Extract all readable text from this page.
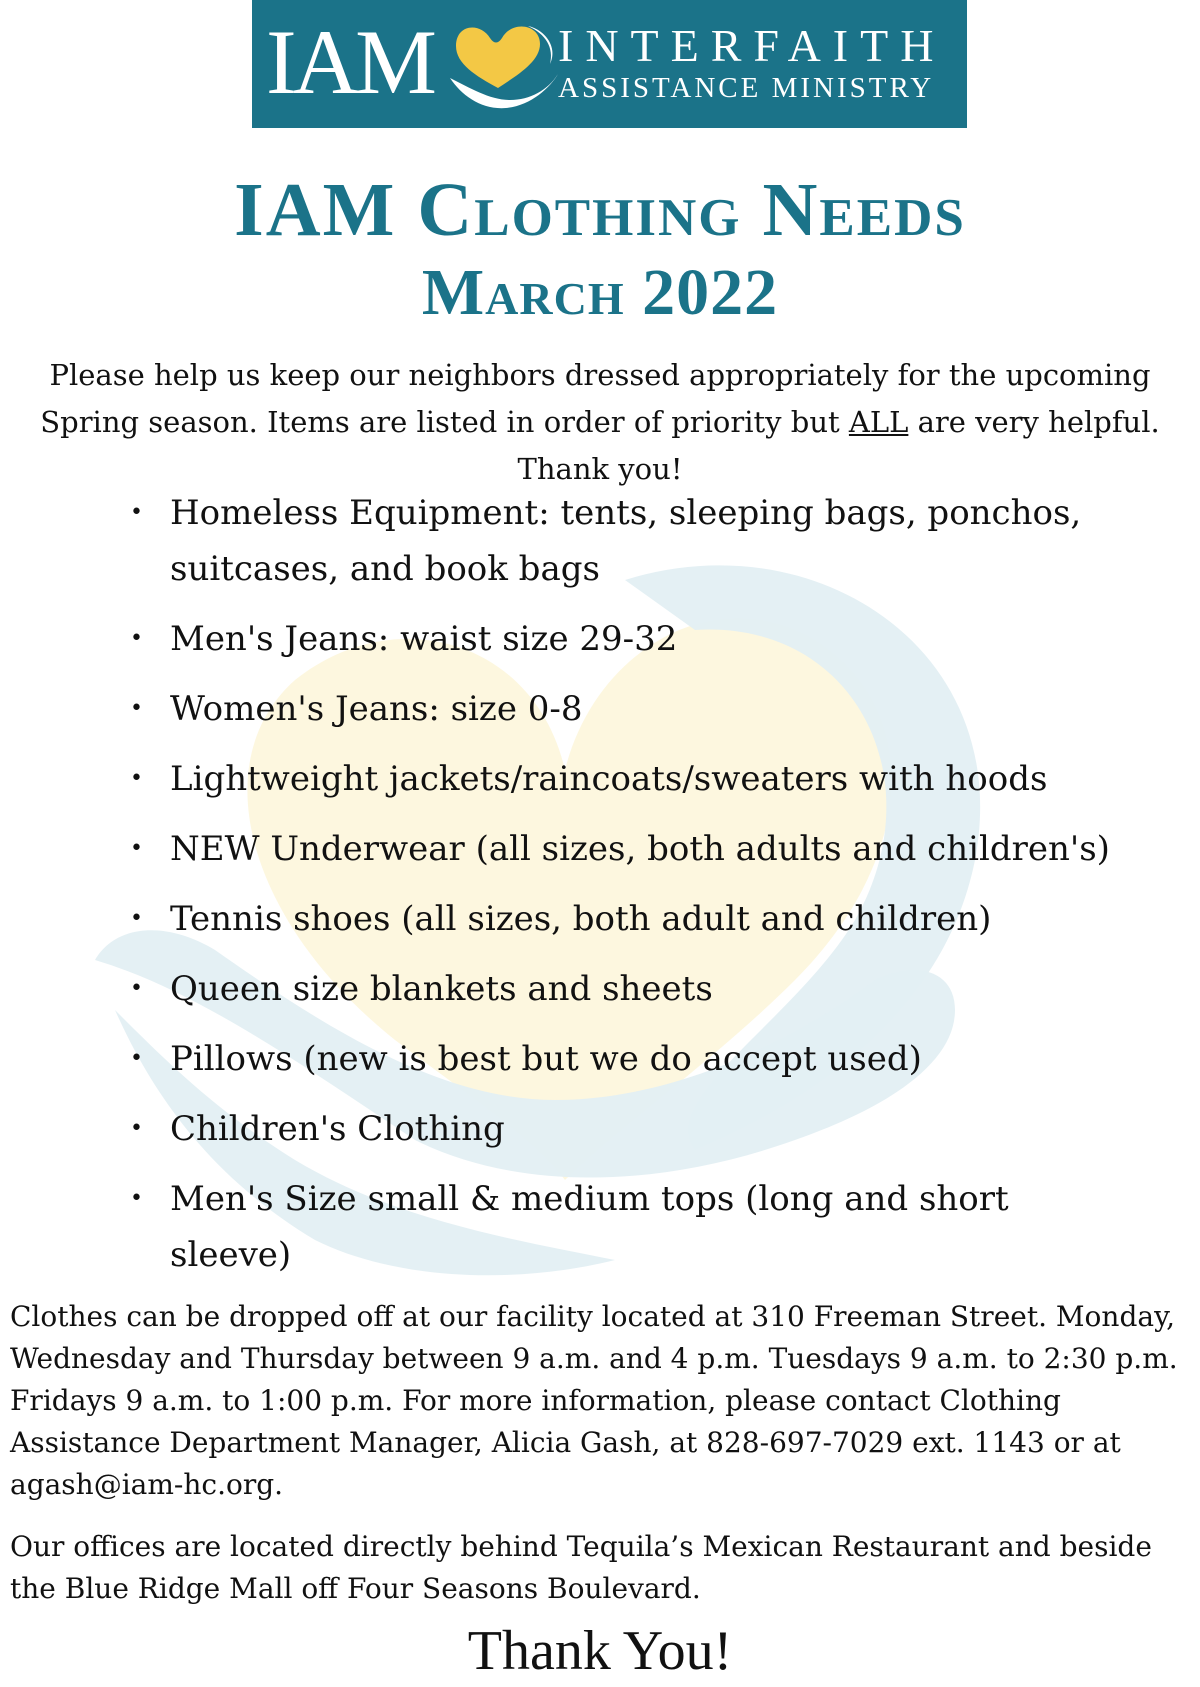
IAM	INTERFAITH
ASSISTANCE MINISTRY
IAM Clothing Needs
March 2022

Please help us keep our neighbors dressed appropriately for the upcoming Spring season. Items are listed in order of priority but ALL are very helpful. Thank you!

• Homeless Equipment: tents, sleeping bags, ponchos, suitcases, and book bags
• Men's Jeans: waist size 29-32
• Women's Jeans: size 0-8
• Lightweight jackets/raincoats/sweaters with hoods
• NEW Underwear (all sizes, both adults and children's)
• Tennis shoes (all sizes, both adult and children)
• Queen size blankets and sheets
• Pillows (new is best but we do accept used)
• Children's Clothing
• Men's Size small & medium tops (long and short sleeve)

Clothes can be dropped off at our facility located at 310 Freeman Street. Monday, Wednesday and Thursday between 9 a.m. and 4 p.m. Tuesdays 9 a.m. to 2:30 p.m. Fridays 9 a.m. to 1:00 p.m. For more information, please contact Clothing Assistance Department Manager, Alicia Gash, at 828-697-7029 ext. 1143 or at agash@iam-hc.org.

Our offices are located directly behind Tequila’s Mexican Restaurant and beside the Blue Ridge Mall off Four Seasons Boulevard.

Thank You!
